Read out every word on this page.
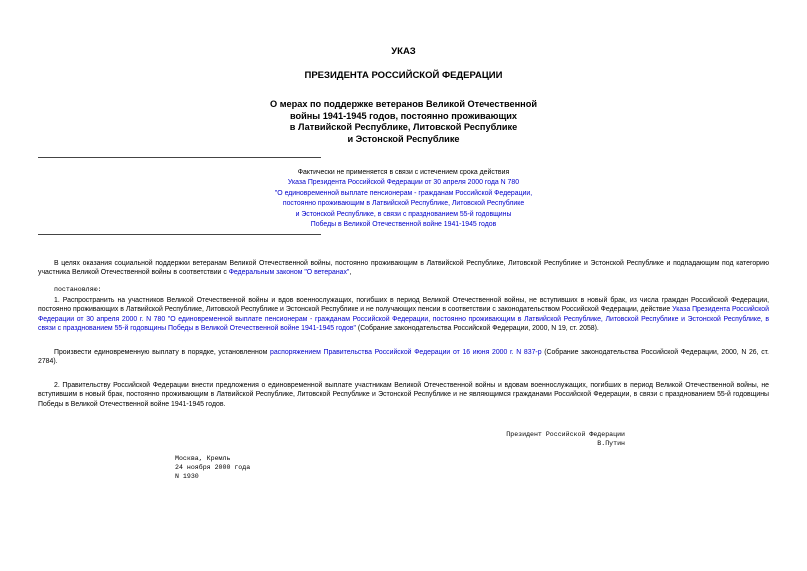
УКАЗ
ПРЕЗИДЕНТА РОССИЙСКОЙ ФЕДЕРАЦИИ
О мерах по поддержке ветеранов Великой Отечественной
войны 1941-1945 годов, постоянно проживающих
в Латвийской Республике, Литовской Республике
и Эстонской Республике
Фактически не применяется в связи с истечением срока действия
Указа Президента Российской Федерации от 30 апреля 2000 года N 780
"О единовременной выплате пенсионерам - гражданам Российской Федерации,
постоянно проживающим в Латвийской Республике, Литовской Республике
и Эстонской Республике, в связи с празднованием 55-й годовщины
Победы в Великой Отечественной войне 1941-1945 годов
В целях оказания социальной поддержки ветеранам Великой Отечественной войны, постоянно проживающим в Латвийской Республике, Литовской Республике и Эстонской Республике и подпадающим под категорию участника Великой Отечественной войны в соответствии с Федеральным законом "О ветеранах",
постановляю:
1. Распространить на участников Великой Отечественной войны и вдов военнослужащих, погибших в период Великой Отечественной войны, не вступивших в новый брак, из числа граждан Российской Федерации, постоянно проживающих в Латвийской Республике, Литовской Республике и Эстонской Республике и не получающих пенсии в соответствии с законодательством Российской Федерации, действие Указа Президента Российской Федерации от 30 апреля 2000 г. N 780 "О единовременной выплате пенсионерам - гражданам Российской Федерации, постоянно проживающим в Латвийской Республике, Литовской Республике и Эстонской Республике, в связи с празднованием 55-й годовщины Победы в Великой Отечественной войне 1941-1945 годов" (Собрание законодательства Российской Федерации, 2000, N 19, ст. 2058).
Произвести единовременную выплату в порядке, установленном распоряжением Правительства Российской Федерации от 16 июня 2000 г. N 837-р (Собрание законодательства Российской Федерации, 2000, N 26, ст. 2784).
2. Правительству Российской Федерации внести предложения о единовременной выплате участникам Великой Отечественной войны и вдовам военнослужащих, погибших в период Великой Отечественной войны, не вступившим в новый брак, постоянно проживающим в Латвийской Республике, Литовской Республике и Эстонской Республике и не являющимся гражданами Российской Федерации, в связи с празднованием 55-й годовщины Победы в Великой Отечественной войне 1941-1945 годов.
Президент Российской Федерации
В.Путин
Москва, Кремль
24 ноября 2000 года
N 1930
